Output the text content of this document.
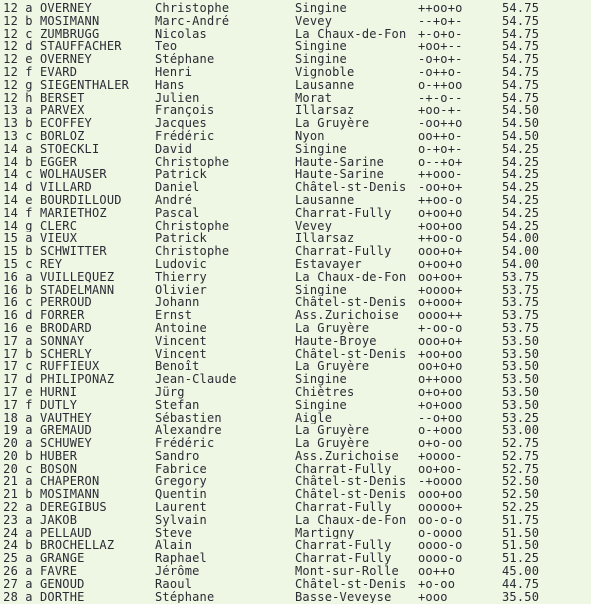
12	a	OVERNEY	Christophe	Singine	++oo+o	54.75
12	b	MOSIMANN	Marc-André	Vevey	--+o+-	54.75
12	c	ZUMBRUGG	Nicolas	La Chaux-de-Fon	+-o+o-	54.75
12	d	STAUFFACHER	Teo	Singine	+oo+--	54.75
12	e	OVERNEY	Stéphane	Singine	-o+o+-	54.75
12	f	EVARD	Henri	Vignoble	-o++o-	54.75
12	g	SIEGENTHALER	Hans	Lausanne	o-++oo	54.75
12	h	BERSET	Julien	Morat	-+-o--	54.75
13	a	PARVEX	François	Illarsaz	+oo-+-	54.50
13	b	ECOFFEY	Jacques	La Gruyère	-oo++o	54.50
13	c	BORLOZ	Frédéric	Nyon	oo++o-	54.50
14	a	STOECKLI	David	Singine	o-+o+-	54.25
14	b	EGGER	Christophe	Haute-Sarine	o--+o+	54.25
14	c	WOLHAUSER	Patrick	Haute-Sarine	++ooo-	54.25
14	d	VILLARD	Daniel	Châtel-st-Denis	-oo+o+	54.25
14	e	BOURDILLOUD	André	Lausanne	++oo-o	54.25
14	f	MARIETHOZ	Pascal	Charrat-Fully	o+oo+o	54.25
14	g	CLERC	Christophe	Vevey	+oo+oo	54.25
15	a	VIEUX	Patrick	Illarsaz	++oo-o	54.00
15	b	SCHWITTER	Christophe	Charrat-Fully	ooo+o+	54.00
15	c	REY	Ludovic	Estavayer	o+oo+o	54.00
16	a	VUILLEQUEZ	Thierry	La Chaux-de-Fon	oo+oo+	53.75
16	b	STADELMANN	Olivier	Singine	+oooo+	53.75
16	c	PERROUD	Johann	Châtel-st-Denis	o+ooo+	53.75
16	d	FORRER	Ernst	Ass.Zurichoise	oooo++	53.75
16	e	BRODARD	Antoine	La Gruyère	+-oo-o	53.75
17	a	SONNAY	Vincent	Haute-Broye	ooo+o+	53.50
17	b	SCHERLY	Vincent	Châtel-st-Denis	+oo+oo	53.50
17	c	RUFFIEUX	Benoît	La Gruyère	oo+o+o	53.50
17	d	PHILIPONAZ	Jean-Claude	Singine	o++ooo	53.50
17	e	HURNI	Jürg	Chiètres	o+o+oo	53.50
17	f	DUTLY	Stefan	Singine	+o+ooo	53.50
18	a	VAUTHEY	Sébastien	Aigle	--o+oo	53.25
19	a	GREMAUD	Alexandre	La Gruyère	o-+ooo	53.00
20	a	SCHUWEY	Frédéric	La Gruyère	o+o-oo	52.75
20	b	HUBER	Sandro	Ass.Zurichoise	+oooo-	52.75
20	c	BOSON	Fabrice	Charrat-Fully	oo+oo-	52.75
21	a	CHAPERON	Gregory	Châtel-st-Denis	-+oooo	52.50
21	b	MOSIMANN	Quentin	Châtel-st-Denis	ooo+oo	52.50
22	a	DEREGIBUS	Laurent	Charrat-Fully	ooooo+	52.25
23	a	JAKOB	Sylvain	La Chaux-de-Fon	oo-o-o	51.75
24	a	PELLAUD	Steve	Martigny	o-oooo	51.50
24	b	BROCHELLAZ	Alain	Charrat-Fully	oooo-o	51.50
25	a	GRANGE	Raphael	Charrat-Fully	oooo-o	51.25
26	a	FAVRE	Jérôme	Mont-sur-Rolle	oo++o	45.00
27	a	GENOUD	Raoul	Châtel-st-Denis	+o-oo	44.75
28	a	DORTHE	Stéphane	Basse-Veveyse	+ooo	35.50
